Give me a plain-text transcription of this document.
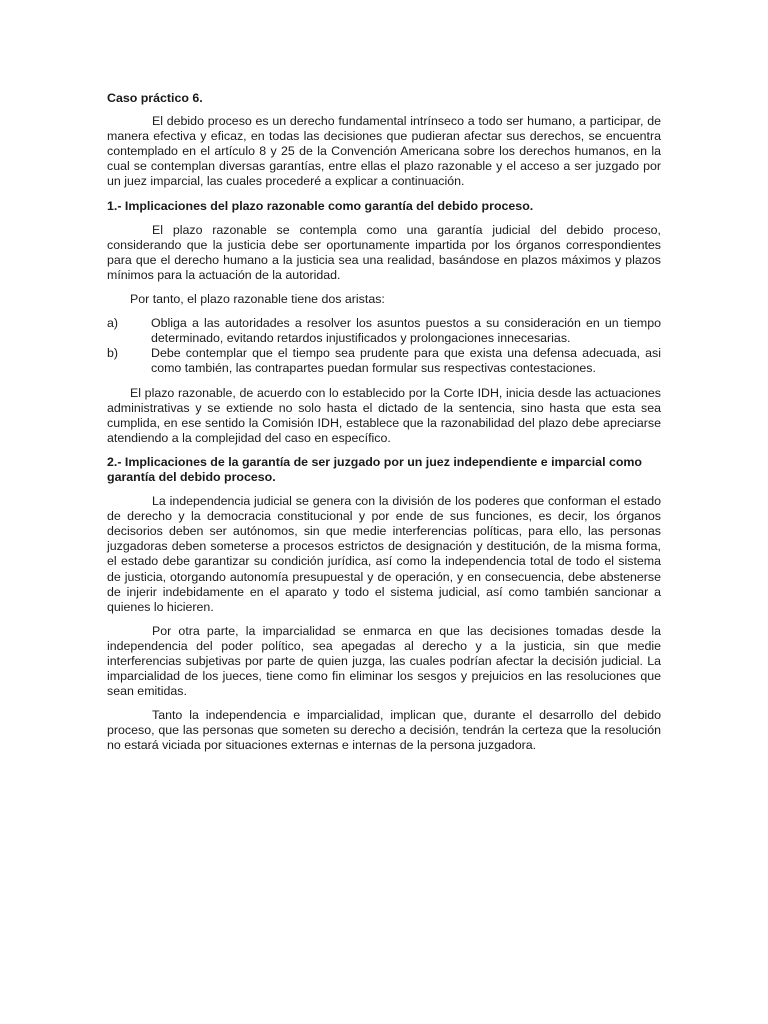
Caso práctico 6.

El debido proceso es un derecho fundamental intrínseco a todo ser humano, a participar, de manera efectiva y eficaz, en todas las decisiones que pudieran afectar sus derechos, se encuentra contemplado en el artículo 8 y 25 de la Convención Americana sobre los derechos humanos, en la cual se contemplan diversas garantías, entre ellas el plazo razonable y el acceso a ser juzgado por un juez imparcial, las cuales procederé a explicar a continuación.

1.- Implicaciones del plazo razonable como garantía del debido proceso.

El plazo razonable se contempla como una garantía judicial del debido proceso, considerando que la justicia debe ser oportunamente impartida por los órganos correspondientes para que el derecho humano a la justicia sea una realidad, basándose en plazos máximos y plazos mínimos para la actuación de la autoridad.

Por tanto, el plazo razonable tiene dos aristas:

a)	Obliga a las autoridades a resolver los asuntos puestos a su consideración en un tiempo determinado, evitando retardos injustificados y prolongaciones innecesarias.
b)	Debe contemplar que el tiempo sea prudente para que exista una defensa adecuada, asi como también, las contrapartes puedan formular sus respectivas contestaciones.

El plazo razonable, de acuerdo con lo establecido por la Corte IDH, inicia desde las actuaciones administrativas y se extiende no solo hasta el dictado de la sentencia, sino hasta que esta sea cumplida, en ese sentido la Comisión IDH, establece que la razonabilidad del plazo debe apreciarse atendiendo a la complejidad del caso en específico.

2.- Implicaciones de la garantía de ser juzgado por un juez independiente e imparcial como garantía del debido proceso.

La independencia judicial se genera con la división de los poderes que conforman el estado de derecho y la democracia constitucional y por ende de sus funciones, es decir, los órganos decisorios deben ser autónomos, sin que medie interferencias políticas, para ello, las personas juzgadoras deben someterse a procesos estrictos de designación y destitución, de la misma forma, el estado debe garantizar su condición jurídica, así como la independencia total de todo el sistema de justicia, otorgando autonomía presupuestal y de operación, y en consecuencia, debe abstenerse de injerir indebidamente en el aparato y todo el sistema judicial, así como también sancionar a quienes lo hicieren.

Por otra parte, la imparcialidad se enmarca en que las decisiones tomadas desde la independencia del poder político, sea apegadas al derecho y a la justicia, sin que medie interferencias subjetivas por parte de quien juzga, las cuales podrían afectar la decisión judicial. La imparcialidad de los jueces, tiene como fin eliminar los sesgos y prejuicios en las resoluciones que sean emitidas.

Tanto la independencia e imparcialidad, implican que, durante el desarrollo del debido proceso, que las personas que someten su derecho a decisión, tendrán la certeza que la resolución no estará viciada por situaciones externas e internas de la persona juzgadora.
